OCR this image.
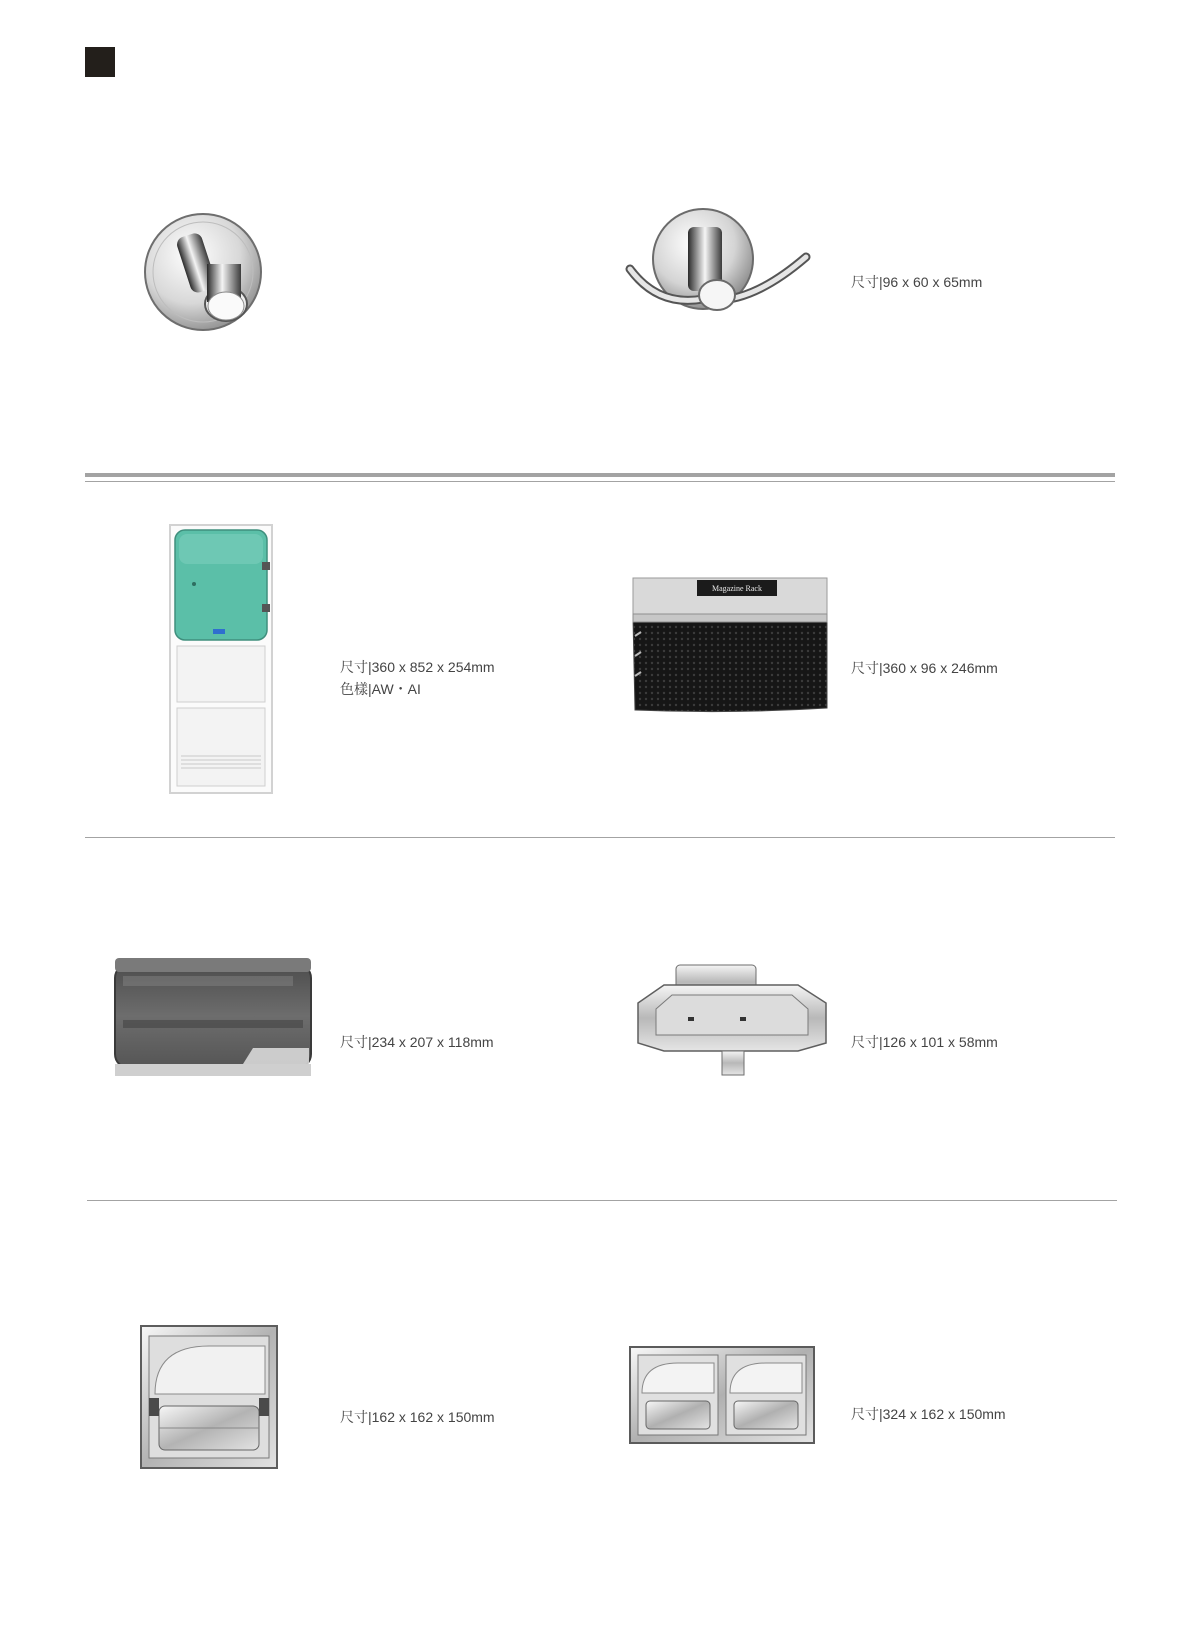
尺寸|96 x 60 x 65mm
尺寸|360 x 852 x 254mm
色樣|AW・AI
Magazine Rack
尺寸|360 x 96 x 246mm
尺寸|234 x 207 x 118mm	尺寸|126 x 101 x 58mm
尺寸|162 x 162 x 150mm	尺寸|324 x 162 x 150mm
